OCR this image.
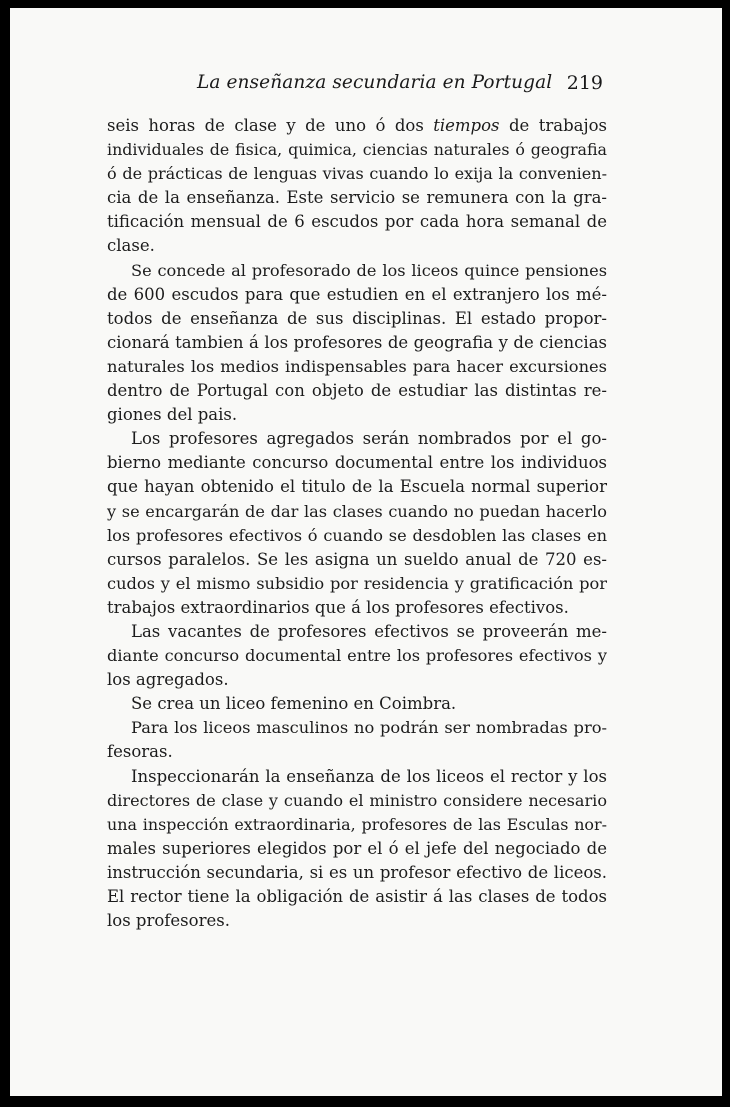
La enseñanza secundaria en Portugal 219

seis horas de clase y de uno ó dos tiempos de trabajos
individuales de fisica, quimica, ciencias naturales ó geografia
ó de prácticas de lenguas vivas cuando lo exija la convenien-
cia de la enseñanza. Este servicio se remunera con la gra-
tificación mensual de 6 escudos por cada hora semanal de
clase.

Se concede al profesorado de los liceos quince pensiones
de 600 escudos para que estudien en el extranjero los mé-
todos de enseñanza de sus disciplinas. El estado propor-
cionará tambien á los profesores de geografia y de ciencias
naturales los medios indispensables para hacer excursiones
dentro de Portugal con objeto de estudiar las distintas re-
giones del pais.

Los profesores agregados serán nombrados por el go-
bierno mediante concurso documental entre los individuos
que hayan obtenido el titulo de la Escuela normal superior
y se encargarán de dar las clases cuando no puedan hacerlo
los profesores efectivos ó cuando se desdoblen las clases en
cursos paralelos. Se les asigna un sueldo anual de 720 es-
cudos y el mismo subsidio por residencia y gratificación por
trabajos extraordinarios que á los profesores efectivos.

Las vacantes de profesores efectivos se proveerán me-
diante concurso documental entre los profesores efectivos y
los agregados.

Se crea un liceo femenino en Coimbra.

Para los liceos masculinos no podrán ser nombradas pro-
fesoras.

Inspeccionarán la enseñanza de los liceos el rector y los
directores de clase y cuando el ministro considere necesario
una inspección extraordinaria, profesores de las Esculas nor-
males superiores elegidos por el ó el jefe del negociado de
instrucción secundaria, si es un profesor efectivo de liceos.
El rector tiene la obligación de asistir á las clases de todos
los profesores.
